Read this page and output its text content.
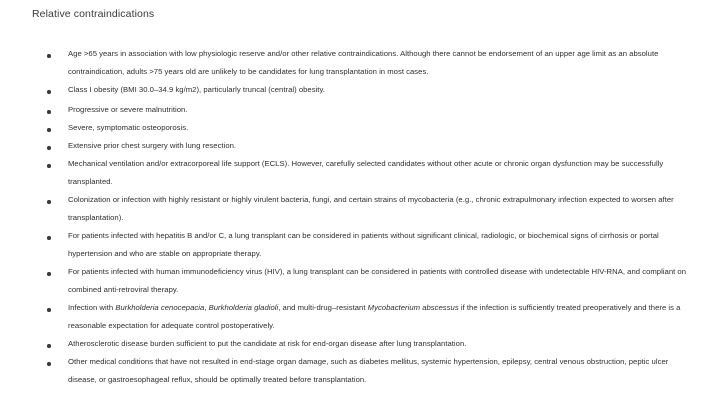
Relative contraindications
Age >65 years in association with low physiologic reserve and/or other relative contraindications. Although there cannot be endorsement of an upper age limit as an absolute contraindication, adults >75 years old are unlikely to be candidates for lung transplantation in most cases.
Class I obesity (BMI 30.0–34.9 kg/m2), particularly truncal (central) obesity.
Progressive or severe malnutrition.
Severe, symptomatic osteoporosis.
Extensive prior chest surgery with lung resection.
Mechanical ventilation and/or extracorporeal life support (ECLS). However, carefully selected candidates without other acute or chronic organ dysfunction may be successfully transplanted.
Colonization or infection with highly resistant or highly virulent bacteria, fungi, and certain strains of mycobacteria (e.g., chronic extrapulmonary infection expected to worsen after transplantation).
For patients infected with hepatitis B and/or C, a lung transplant can be considered in patients without significant clinical, radiologic, or biochemical signs of cirrhosis or portal hypertension and who are stable on appropriate therapy.
For patients infected with human immunodeficiency virus (HIV), a lung transplant can be considered in patients with controlled disease with undetectable HIV-RNA, and compliant on combined anti-retroviral therapy.
Infection with Burkholderia cenocepacia, Burkholderia gladioli, and multi-drug–resistant Mycobacterium abscessus if the infection is sufficiently treated preoperatively and there is a reasonable expectation for adequate control postoperatively.
Atherosclerotic disease burden sufficient to put the candidate at risk for end-organ disease after lung transplantation.
Other medical conditions that have not resulted in end-stage organ damage, such as diabetes mellitus, systemic hypertension, epilepsy, central venous obstruction, peptic ulcer disease, or gastroesophageal reflux, should be optimally treated before transplantation.
